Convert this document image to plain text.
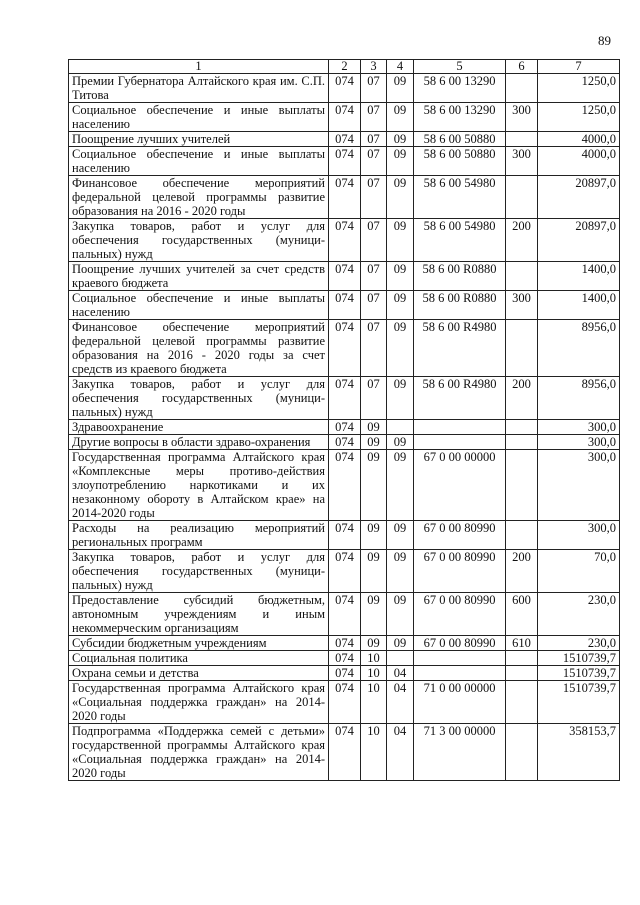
89
1	2	3	4	5	6	7
Премии Губернатора Алтайского края им. С.П. Титова	074	07	09	58 6 00 13290		1250,0
Социальное обеспечение и иные выплаты населению	074	07	09	58 6 00 13290	300	1250,0
Поощрение лучших учителей	074	07	09	58 6 00 50880		4000,0
Социальное обеспечение и иные выплаты населению	074	07	09	58 6 00 50880	300	4000,0
Финансовое обеспечение мероприятий федеральной целевой программы развитие образования на 2016 - 2020 годы	074	07	09	58 6 00 54980		20897,0
Закупка товаров, работ и услуг для обеспечения государственных (муници-пальных) нужд	074	07	09	58 6 00 54980	200	20897,0
Поощрение лучших учителей за счет средств краевого бюджета	074	07	09	58 6 00 R0880		1400,0
Социальное обеспечение и иные выплаты населению	074	07	09	58 6 00 R0880	300	1400,0
Финансовое обеспечение мероприятий федеральной целевой программы развитие образования на 2016 - 2020 годы за счет средств из краевого бюджета	074	07	09	58 6 00 R4980		8956,0
Закупка товаров, работ и услуг для обеспечения государственных (муници-пальных) нужд	074	07	09	58 6 00 R4980	200	8956,0
Здравоохранение	074	09				300,0
Другие вопросы в области здраво-охранения	074	09	09			300,0
Государственная программа Алтайского края «Комплексные меры противо-действия злоупотреблению наркотиками и их незаконному обороту в Алтайском крае» на 2014-2020 годы	074	09	09	67 0 00 00000		300,0
Расходы на реализацию мероприятий региональных программ	074	09	09	67 0 00 80990		300,0
Закупка товаров, работ и услуг для обеспечения государственных (муници-пальных) нужд	074	09	09	67 0 00 80990	200	70,0
Предоставление субсидий бюджетным, автономным учреждениям и иным некоммерческим организациям	074	09	09	67 0 00 80990	600	230,0
Субсидии бюджетным учреждениям	074	09	09	67 0 00 80990	610	230,0
Социальная политика	074	10				1510739,7
Охрана семьи и детства	074	10	04			1510739,7
Государственная программа Алтайского края «Социальная поддержка граждан» на 2014-2020 годы	074	10	04	71 0 00 00000		1510739,7
Подпрограмма «Поддержка семей с детьми» государственной программы Алтайского края «Социальная поддержка граждан» на 2014-2020 годы	074	10	04	71 3 00 00000		358153,7
